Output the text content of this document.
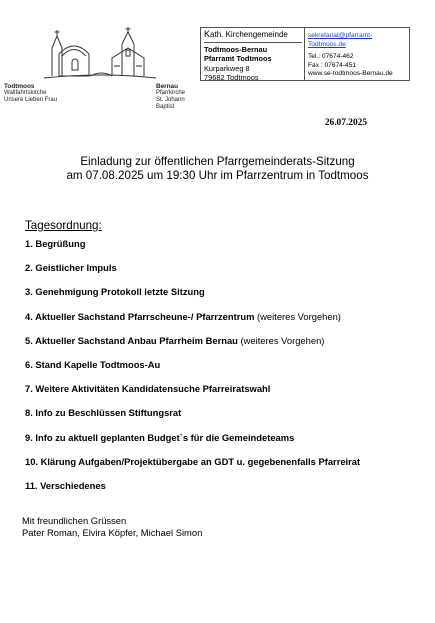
Todtmoos
Wallfahrtskirche
Unsere Lieben Frau
Bernau
Pfarrkirche
St. Johann Baptist
Kath. Kirchengemeinde
Todtmoos-Bernau
Pfarramt Todtmoos
Kurparkweg 8
79682 Todtmoos
sekretariat@pfarramt-
Todtmoos.de
Tel.: 07674-462
Fax : 07674-451
www.se-todtmoos-Bernau.de
26.07.2025
Einladung zur öffentlichen Pfarrgemeinderats-Sitzung
am 07.08.2025 um 19:30 Uhr im Pfarrzentrum in Todtmoos
Tagesordnung:
1. Begrüßung
2. Geistlicher Impuls
3. Genehmigung Protokoll letzte Sitzung
4. Aktueller Sachstand Pfarrscheune-/ Pfarrzentrum (weiteres Vorgehen)
5. Aktueller Sachstand Anbau Pfarrheim Bernau (weiteres Vorgehen)
6. Stand Kapelle Todtmoos-Au
7. Weitere Aktivitäten Kandidatensuche Pfarreiratswahl
8. Info zu Beschlüssen Stiftungsrat
9. Info zu aktuell geplanten Budget`s für die Gemeindeteams
10. Klärung Aufgaben/Projektübergabe an GDT u. gegebenenfalls Pfarreirat
11. Verschiedenes
Mit freundlichen Grüssen
Pater Roman, Elvira Köpfer, Michael Simon
